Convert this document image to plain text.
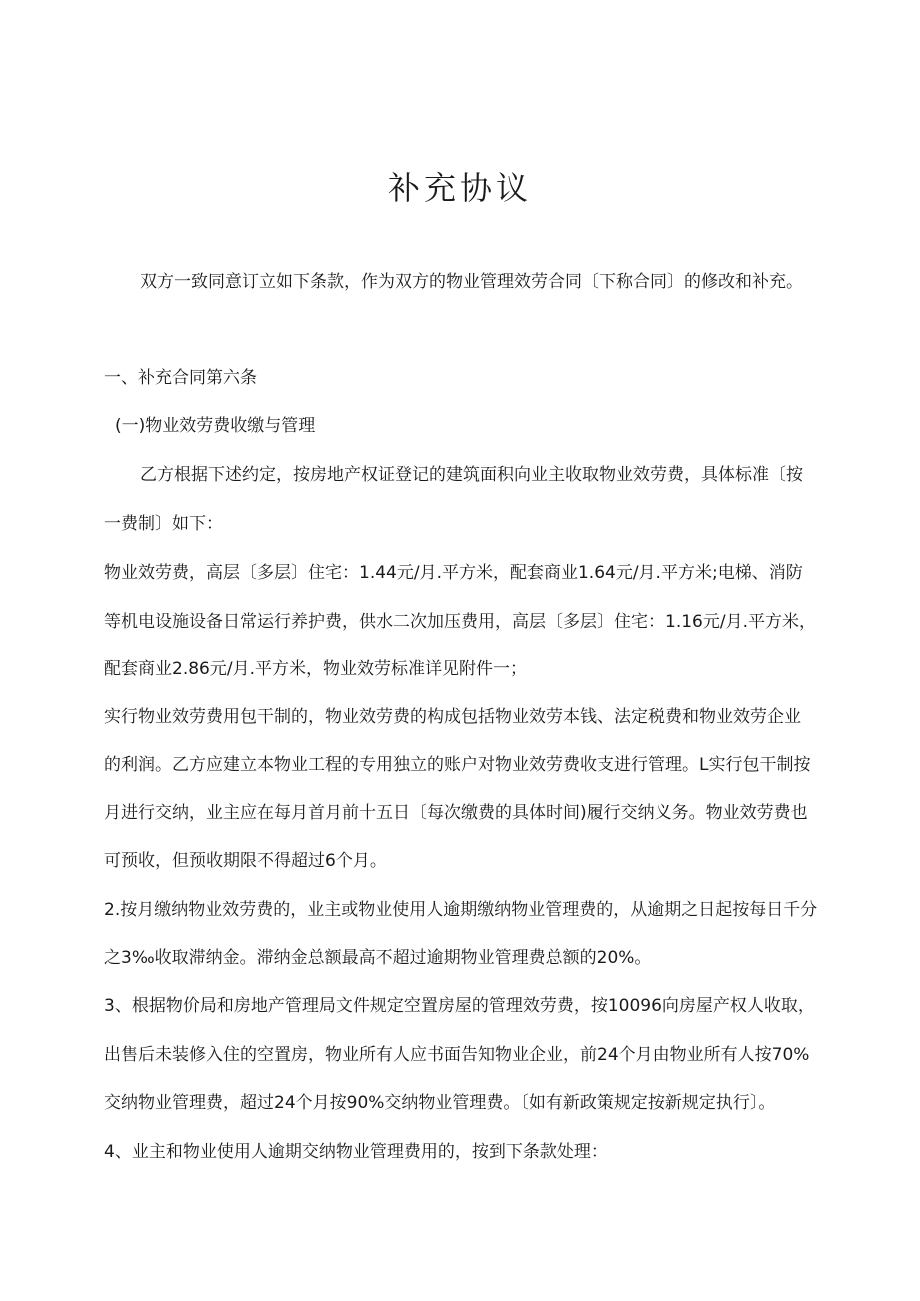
补充协议

双方一致同意订立如下条款，作为双方的物业管理效劳合同〔下称合同〕的修改和补充。

一、补充合同第六条

(一)物业效劳费收缴与管理

乙方根据下述约定，按房地产权证登记的建筑面积向业主收取物业效劳费，具体标准〔按

一费制〕如下：

物业效劳费，高层〔多层〕住宅：1.44元/月.平方米，配套商业1.64元/月.平方米;电梯、消防

等机电设施设备日常运行养护费，供水二次加压费用，高层〔多层〕住宅：1.16元/月.平方米，

配套商业2.86元/月.平方米，物业效劳标准详见附件一；

实行物业效劳费用包干制的，物业效劳费的构成包括物业效劳本钱、法定税费和物业效劳企业

的利润。乙方应建立本物业工程的专用独立的账户对物业效劳费收支进行管理。L实行包干制按

月进行交纳，业主应在每月首月前十五日〔每次缴费的具体时间)履行交纳义务。物业效劳费也

可预收，但预收期限不得超过6个月。

2.按月缴纳物业效劳费的，业主或物业使用人逾期缴纳物业管理费的，从逾期之日起按每日千分

之3‰收取滞纳金。滞纳金总额最高不超过逾期物业管理费总额的20%。

3、根据物价局和房地产管理局文件规定空置房屋的管理效劳费，按10096向房屋产权人收取，

出售后未装修入住的空置房，物业所有人应书面告知物业企业，前24个月由物业所有人按70%

交纳物业管理费，超过24个月按90%交纳物业管理费。〔如有新政策规定按新规定执行〕。

4、业主和物业使用人逾期交纳物业管理费用的，按到下条款处理：
